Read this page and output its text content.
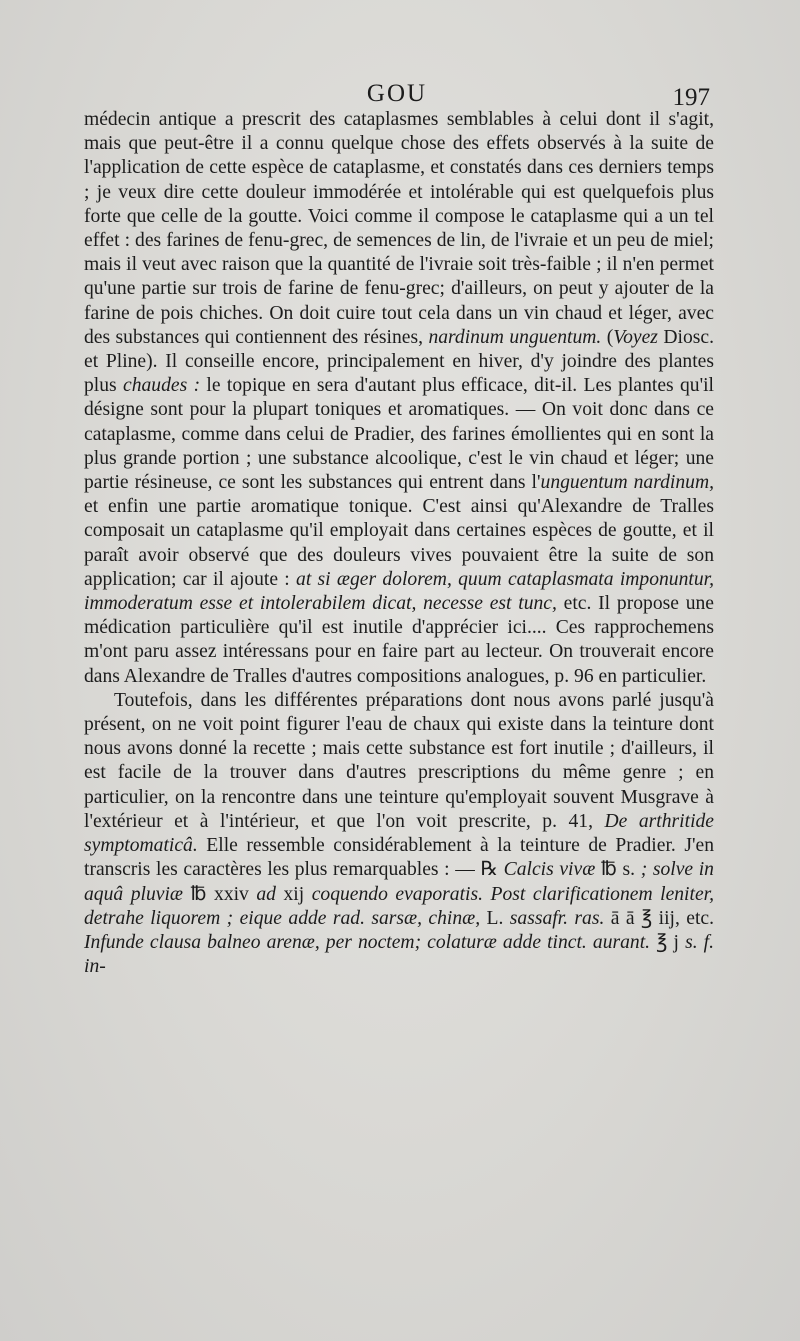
GOU	197

médecin antique a prescrit des cataplasmes semblables à celui dont il s'agit, mais que peut-être il a connu quelque chose des effets observés à la suite de l'application de cette espèce de cataplasme, et constatés dans ces derniers temps ; je veux dire cette douleur immodérée et intolérable qui est quelquefois plus forte que celle de la goutte. Voici comme il compose le cataplasme qui a un tel effet : des farines de fenu-grec, de semences de lin, de l'ivraie et un peu de miel; mais il veut avec raison que la quantité de l'ivraie soit très-faible ; il n'en permet qu'une partie sur trois de farine de fenu-grec; d'ailleurs, on peut y ajouter de la farine de pois chiches. On doit cuire tout cela dans un vin chaud et léger, avec des substances qui contiennent des résines, nardinum unguentum. (Voyez Diosc. et Pline). Il conseille encore, principalement en hiver, d'y joindre des plantes plus chaudes : le topique en sera d'autant plus efficace, dit-il. Les plantes qu'il désigne sont pour la plupart toniques et aromatiques. — On voit donc dans ce cataplasme, comme dans celui de Pradier, des farines émollientes qui en sont la plus grande portion ; une substance alcoolique, c'est le vin chaud et léger; une partie résineuse, ce sont les substances qui entrent dans l'unguentum nardinum, et enfin une partie aromatique tonique. C'est ainsi qu'Alexandre de Tralles composait un cataplasme qu'il employait dans certaines espèces de goutte, et il paraît avoir observé que des douleurs vives pouvaient être la suite de son application; car il ajoute : at si æger dolorem, quum cataplasmata imponuntur, immoderatum esse et intolerabilem dicat, necesse est tunc, etc. Il propose une médication particulière qu'il est inutile d'apprécier ici.... Ces rapprochemens m'ont paru assez intéressans pour en faire part au lecteur. On trouverait encore dans Alexandre de Tralles d'autres compositions analogues, p. 96 en particulier.

Toutefois, dans les différentes préparations dont nous avons parlé jusqu'à présent, on ne voit point figurer l'eau de chaux qui existe dans la teinture dont nous avons donné la recette ; mais cette substance est fort inutile ; d'ailleurs, il est facile de la trouver dans d'autres prescriptions du même genre ; en particulier, on la rencontre dans une teinture qu'employait souvent Musgrave à l'extérieur et à l'intérieur, et que l'on voit prescrite, p. 41, De arthritide symptomaticâ. Elle ressemble considérablement à la teinture de Pradier. J'en transcris les caractères les plus remarquables : — ℞ Calcis vivæ ℔ s. ; solve in aquâ pluviæ ℔ xxiv ad xij coquendo evaporatis. Post clarificationem leniter, detrahe liquorem ; eique adde rad. sarsæ, chinæ, L. sassafr. ras. ā ā ℥ iij, etc. Infunde clausa balneo arenæ, per noctem; colaturæ adde tinct. aurant. ℥ j s. f. in-
